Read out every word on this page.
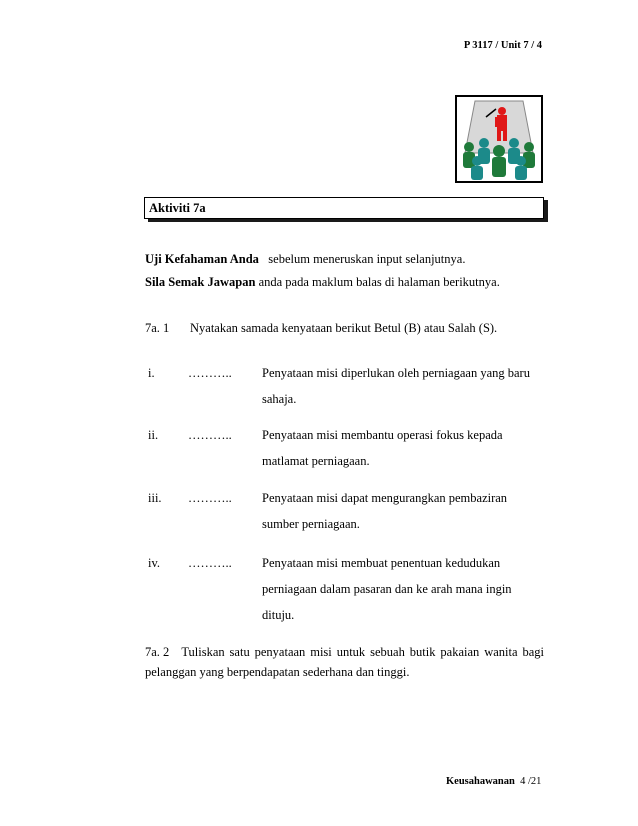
P 3117 / Unit 7 / 4
Aktiviti 7a
Uji Kefahaman Anda sebelum meneruskan input selanjutnya.
Sila Semak Jawapan anda pada maklum balas di halaman berikutnya.
7a. 1 Nyatakan samada kenyataan berikut Betul (B) atau Salah (S).
i.	……….. Penyataan misi diperlukan oleh perniagaan yang baru
sahaja.
ii. ……….. Penyataan misi membantu operasi fokus kepada
matlamat perniagaan.
iii. ……….. Penyataan misi dapat mengurangkan pembaziran
sumber perniagaan.
iv. ……….. Penyataan misi membuat penentuan kedudukan
perniagaan dalam pasaran dan ke arah mana ingin
dituju.
7a. 2 Tuliskan satu penyataan misi untuk sebuah butik pakaian wanita bagi
pelanggan yang berpendapatan sederhana dan tinggi.
Keusahawanan 4 /21
